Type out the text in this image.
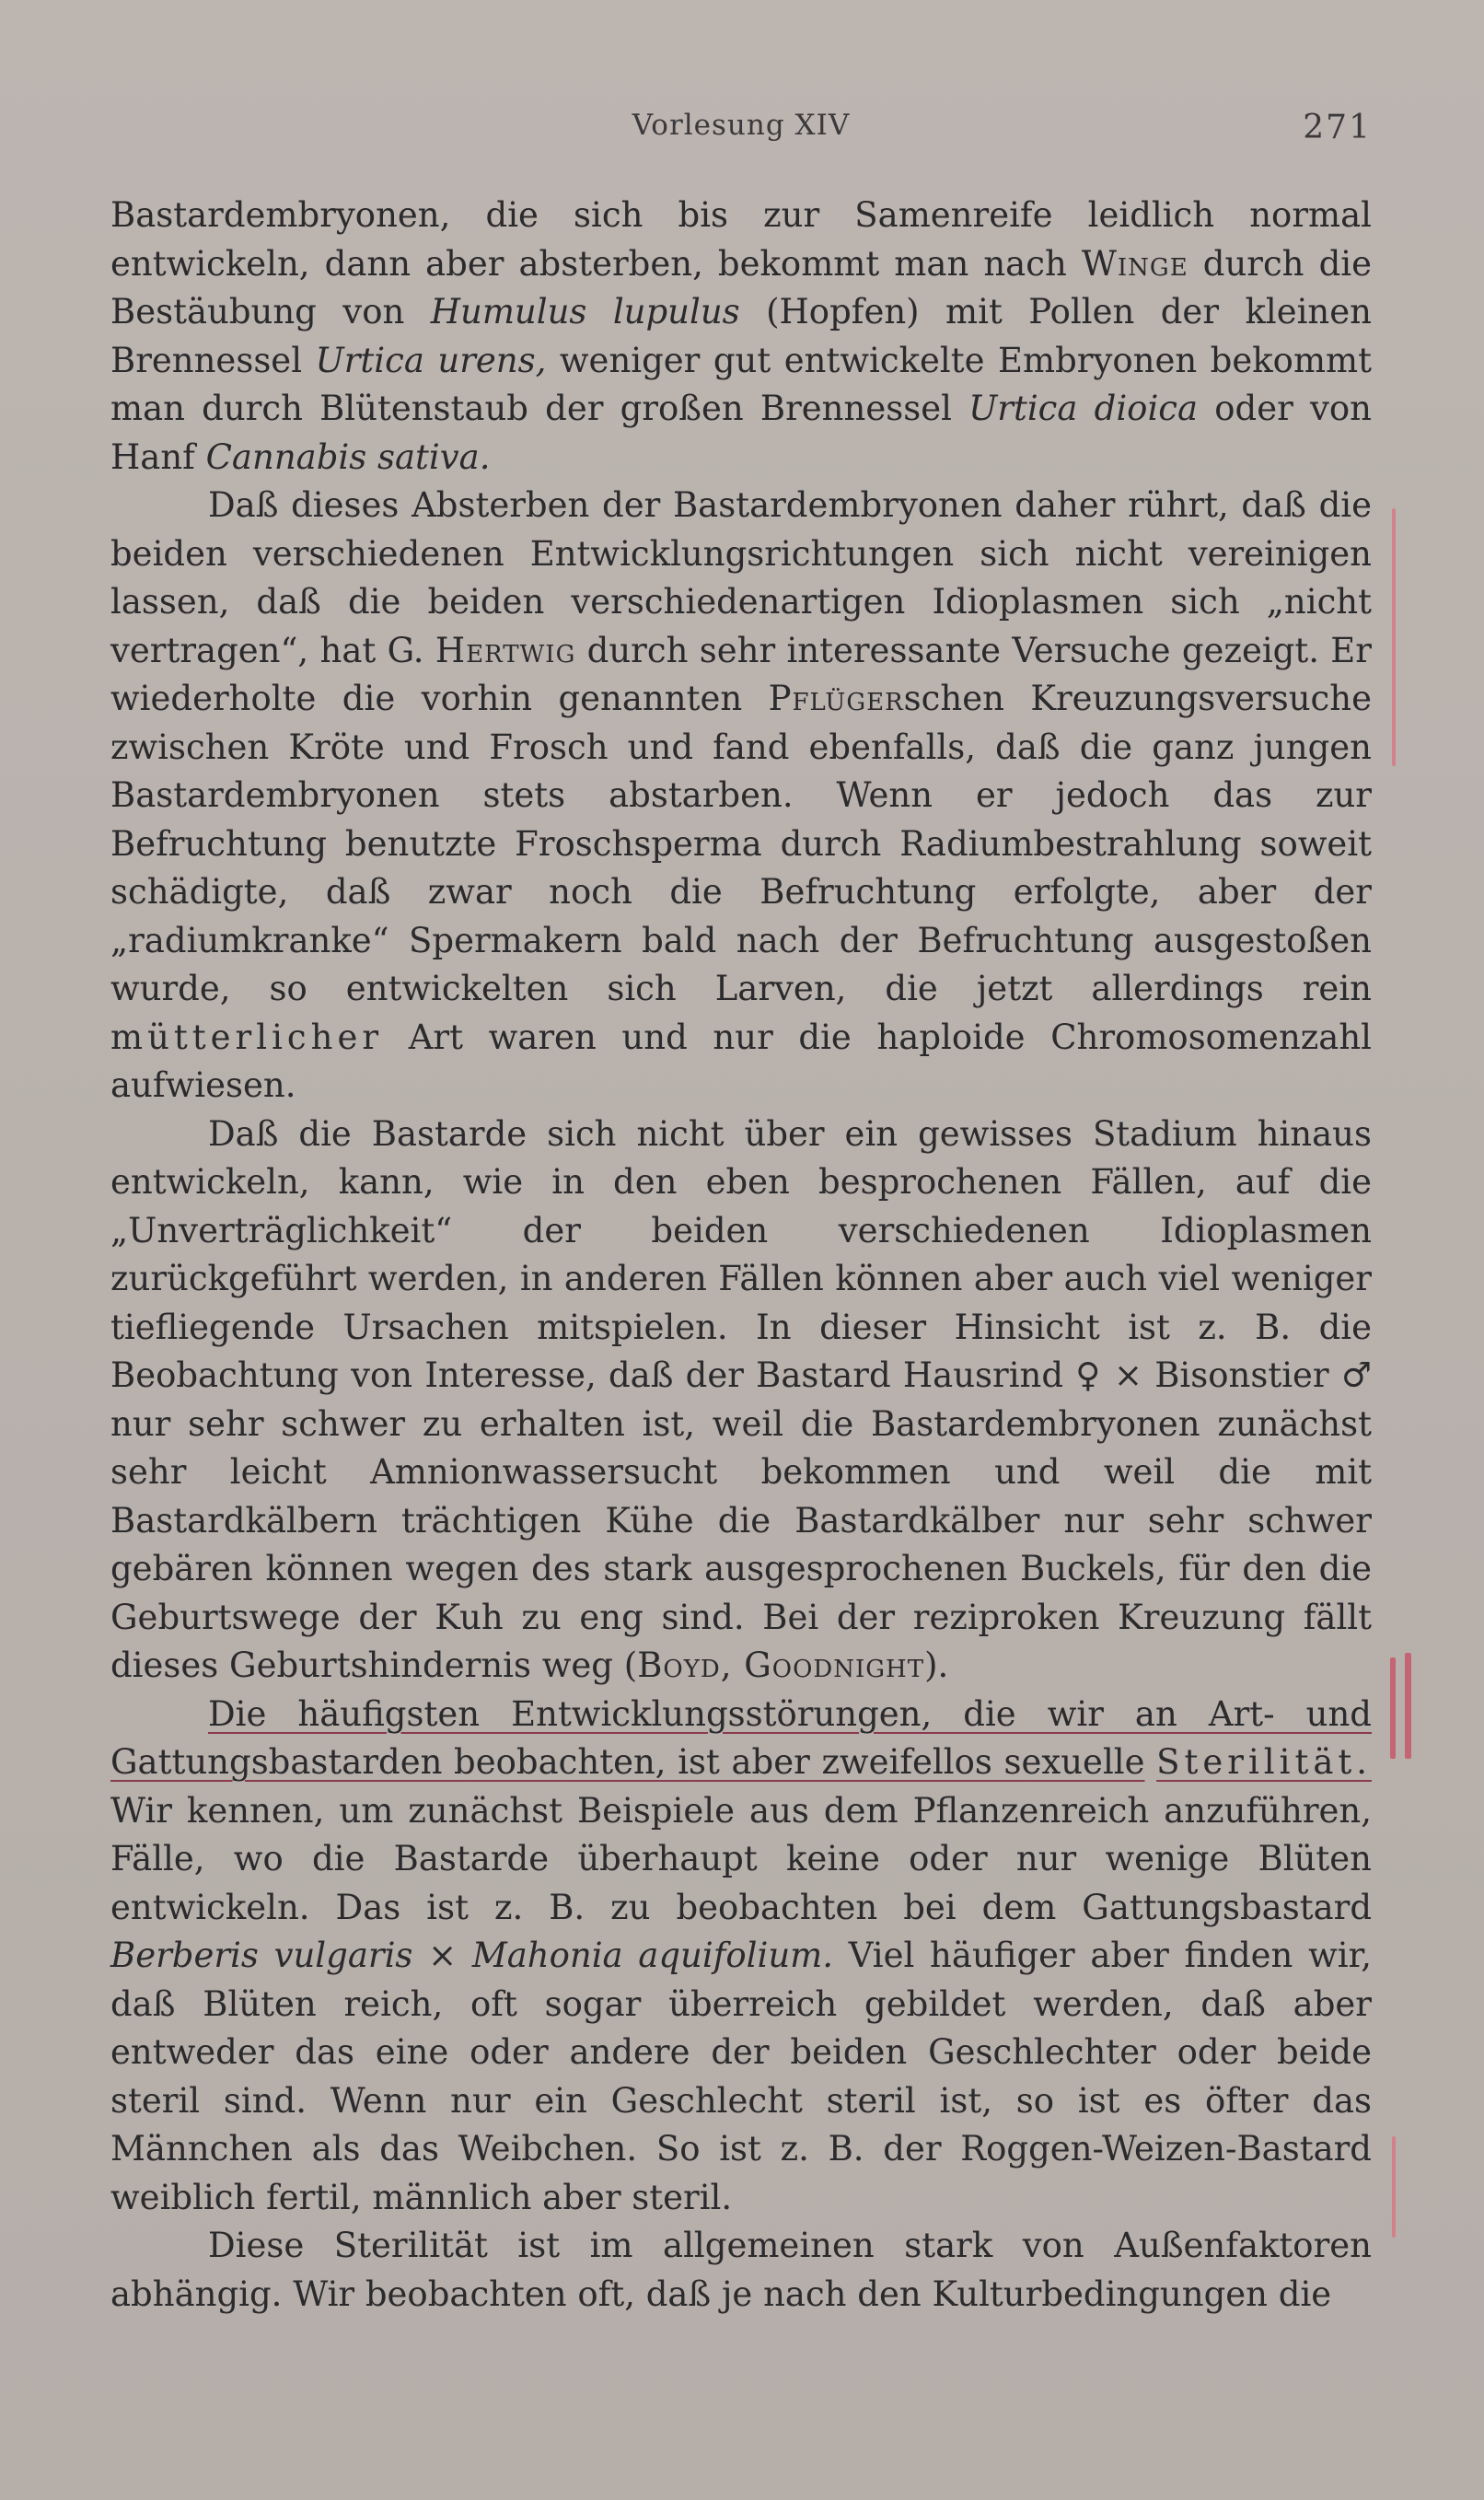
Vorlesung XIV	271

Bastardembryonen, die sich bis zur Samenreife leidlich normal entwickeln, dann aber absterben, bekommt man nach Winge durch die Bestäubung von Humulus lupulus (Hopfen) mit Pollen der kleinen Brennessel Urtica urens, weniger gut entwickelte Embryonen bekommt man durch Blütenstaub der großen Brennessel Urtica dioica oder von Hanf Cannabis sativa.

Daß dieses Absterben der Bastardembryonen daher rührt, daß die beiden verschiedenen Entwicklungsrichtungen sich nicht vereinigen lassen, daß die beiden verschiedenartigen Idioplasmen sich „nicht vertragen“, hat G. Hertwig durch sehr interessante Versuche gezeigt. Er wiederholte die vorhin genannten Pflügerschen Kreuzungsversuche zwischen Kröte und Frosch und fand ebenfalls, daß die ganz jungen Bastardembryonen stets abstarben. Wenn er jedoch das zur Befruchtung benutzte Froschsperma durch Radiumbestrahlung soweit schädigte, daß zwar noch die Befruchtung erfolgte, aber der „radiumkranke“ Spermakern bald nach der Befruchtung ausgestoßen wurde, so entwickelten sich Larven, die jetzt allerdings rein mütterlicher Art waren und nur die haploide Chromosomenzahl aufwiesen.

Daß die Bastarde sich nicht über ein gewisses Stadium hinaus entwickeln, kann, wie in den eben besprochenen Fällen, auf die „Unverträglichkeit“ der beiden verschiedenen Idioplasmen zurückgeführt werden, in anderen Fällen können aber auch viel weniger tiefliegende Ursachen mitspielen. In dieser Hinsicht ist z. B. die Beobachtung von Interesse, daß der Bastard Hausrind ♀ × Bisonstier ♂ nur sehr schwer zu erhalten ist, weil die Bastardembryonen zunächst sehr leicht Amnionwassersucht bekommen und weil die mit Bastardkälbern trächtigen Kühe die Bastardkälber nur sehr schwer gebären können wegen des stark ausgesprochenen Buckels, für den die Geburtswege der Kuh zu eng sind. Bei der reziproken Kreuzung fällt dieses Geburtshindernis weg (Boyd, Goodnight).

Die häufigsten Entwicklungsstörungen, die wir an Art- und Gattungsbastarden beobachten, ist aber zweifellos sexuelle Sterilität. Wir kennen, um zunächst Beispiele aus dem Pflanzenreich anzuführen, Fälle, wo die Bastarde überhaupt keine oder nur wenige Blüten entwickeln. Das ist z. B. zu beobachten bei dem Gattungsbastard Berberis vulgaris × Mahonia aquifolium. Viel häufiger aber finden wir, daß Blüten reich, oft sogar überreich gebildet werden, daß aber entweder das eine oder andere der beiden Geschlechter oder beide steril sind. Wenn nur ein Geschlecht steril ist, so ist es öfter das Männchen als das Weibchen. So ist z. B. der Roggen-Weizen-Bastard weiblich fertil, männlich aber steril.

Diese Sterilität ist im allgemeinen stark von Außenfaktoren abhängig. Wir beobachten oft, daß je nach den Kulturbedingungen die
